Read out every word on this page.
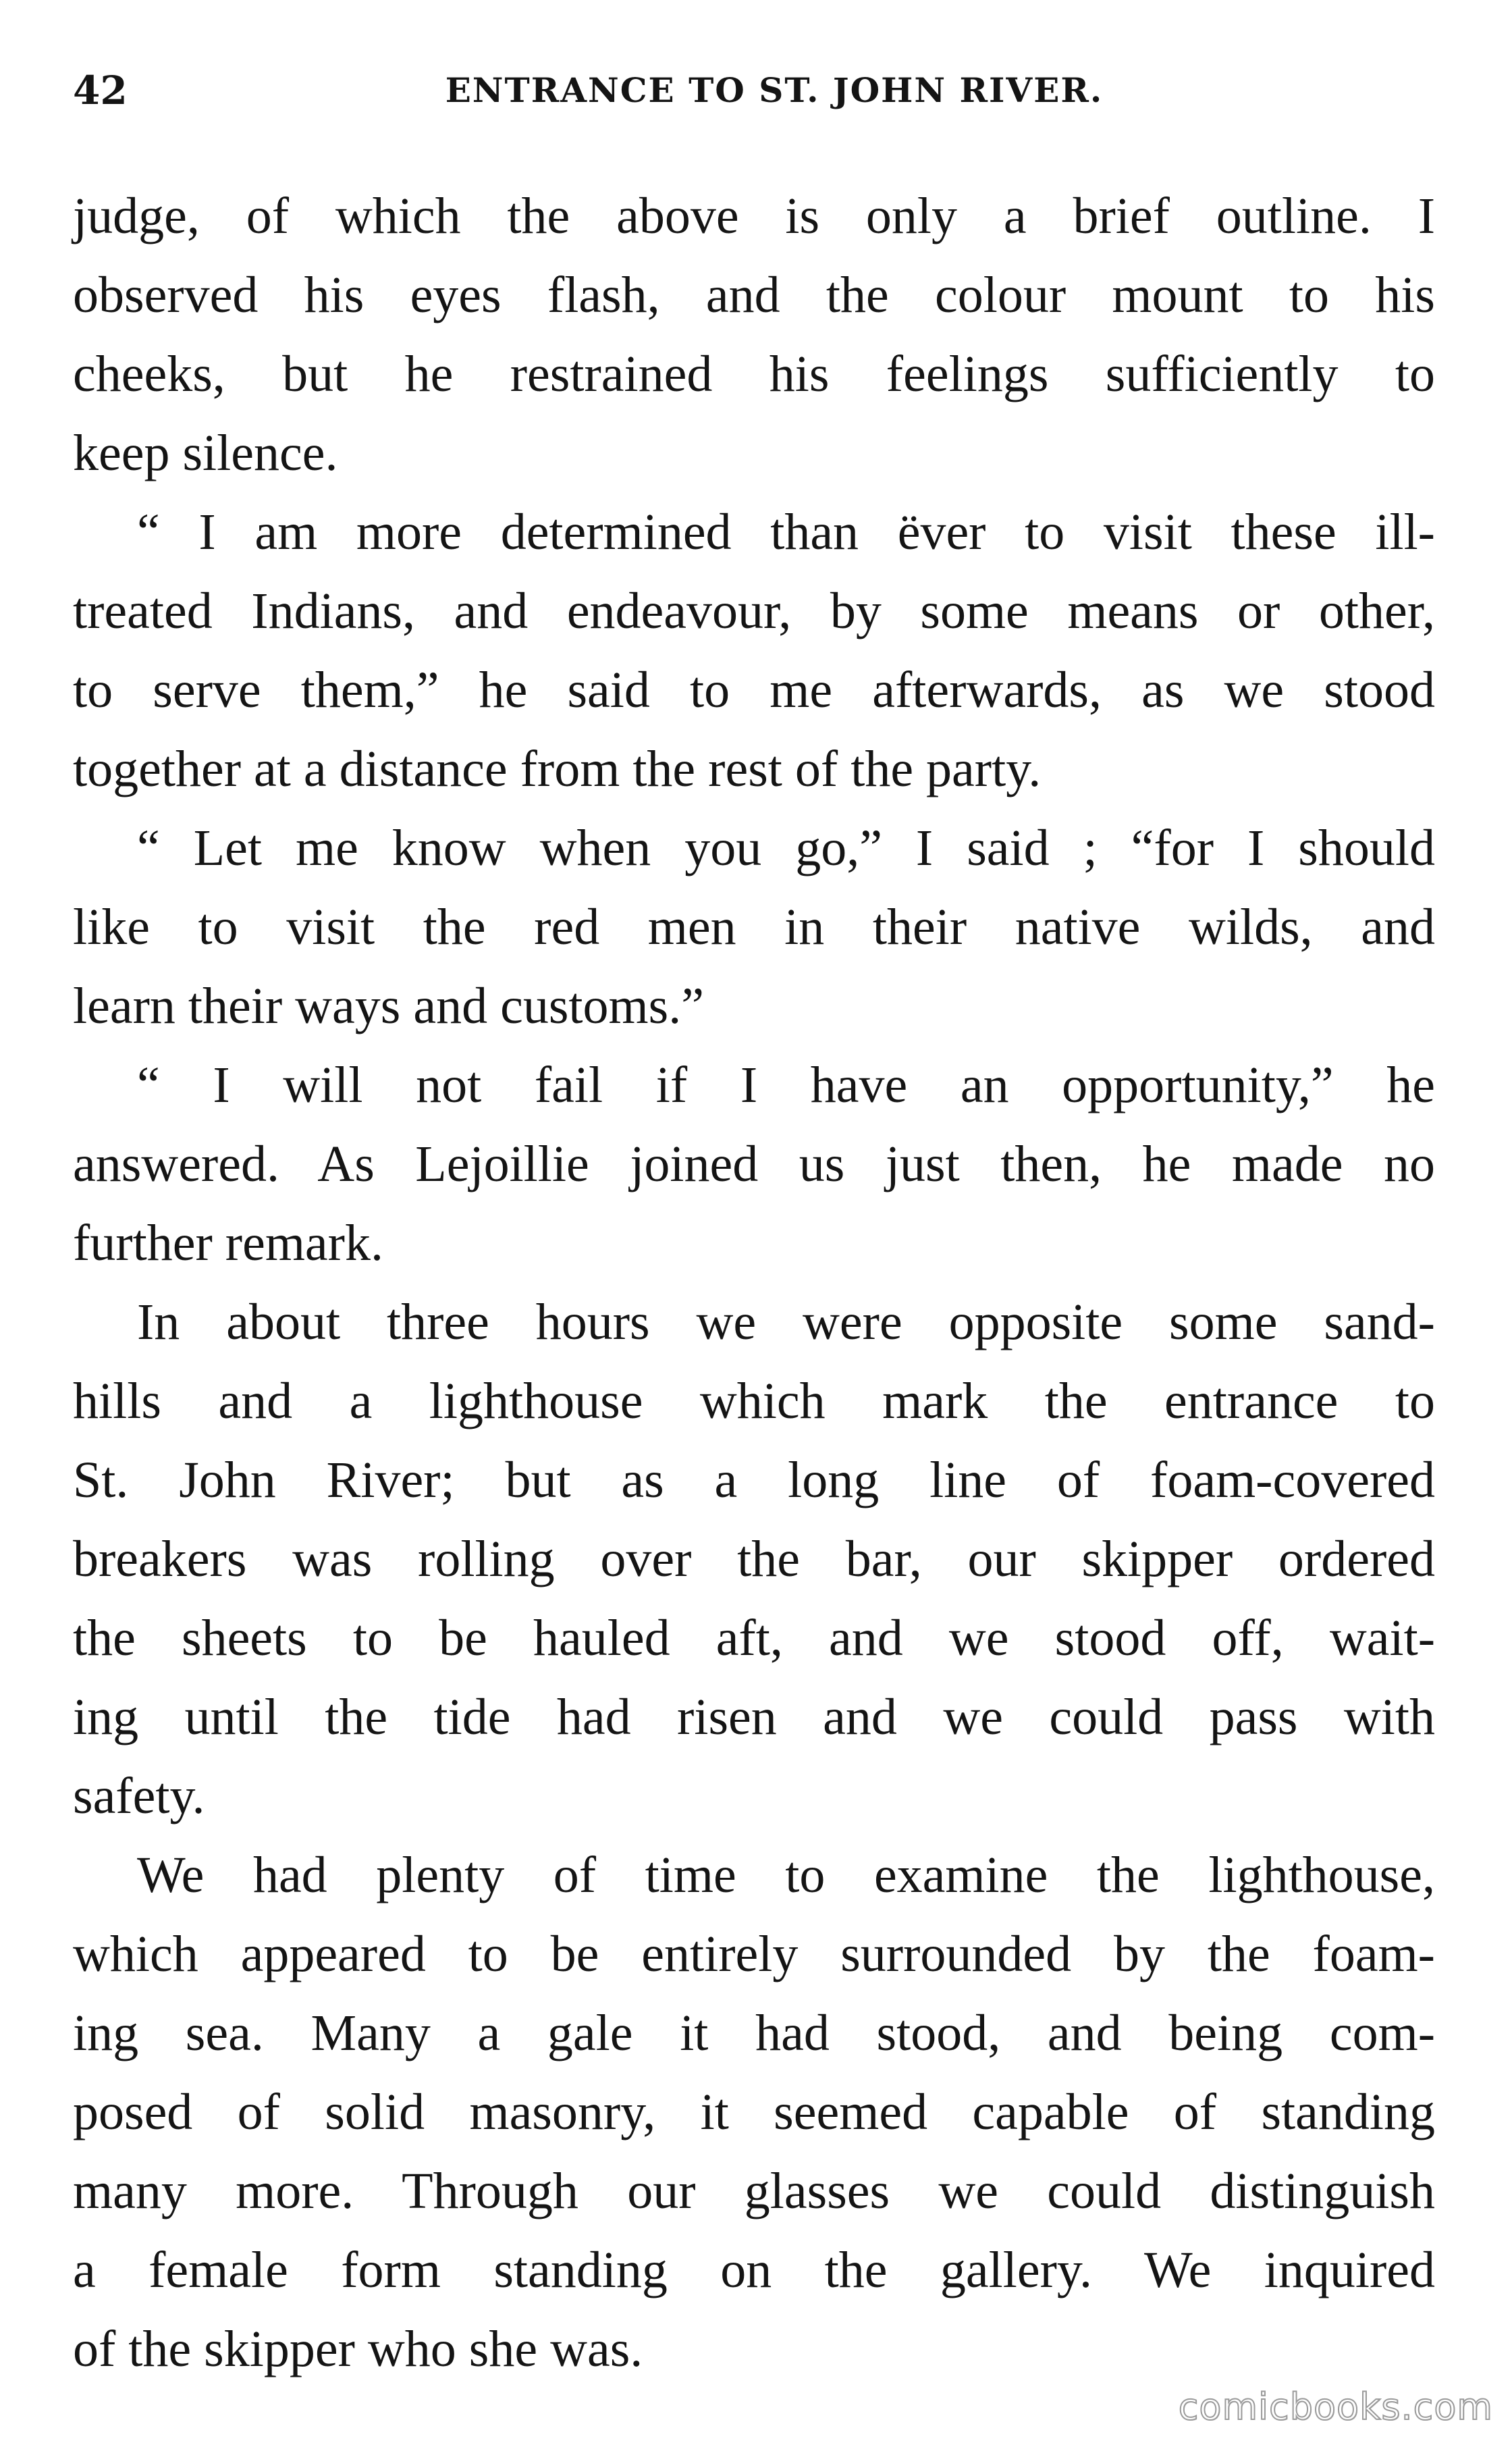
42	ENTRANCE TO ST. JOHN RIVER.
judge, of which the above is only a brief outline. I
observed his eyes flash, and the colour mount to his
cheeks, but he restrained his feelings sufficiently to
keep silence.
“ I am more determined than ëver to visit these ill-
treated Indians, and endeavour, by some means or other,
to serve them,” he said to me afterwards, as we stood
together at a distance from the rest of the party.
“ Let me know when you go,” I said ; “for I should
like to visit the red men in their native wilds, and
learn their ways and customs.”
“ I will not fail if I have an opportunity,” he
answered. As Lejoillie joined us just then, he made no
further remark.
In about three hours we were opposite some sand-
hills and a lighthouse which mark the entrance to
St. John River; but as a long line of foam-covered
breakers was rolling over the bar, our skipper ordered
the sheets to be hauled aft, and we stood off, wait-
ing until the tide had risen and we could pass with
safety.
We had plenty of time to examine the lighthouse,
which appeared to be entirely surrounded by the foam-
ing sea. Many a gale it had stood, and being com-
posed of solid masonry, it seemed capable of standing
many more. Through our glasses we could distinguish
a female form standing on the gallery. We inquired
of the skipper who she was.
comicbooks.com
